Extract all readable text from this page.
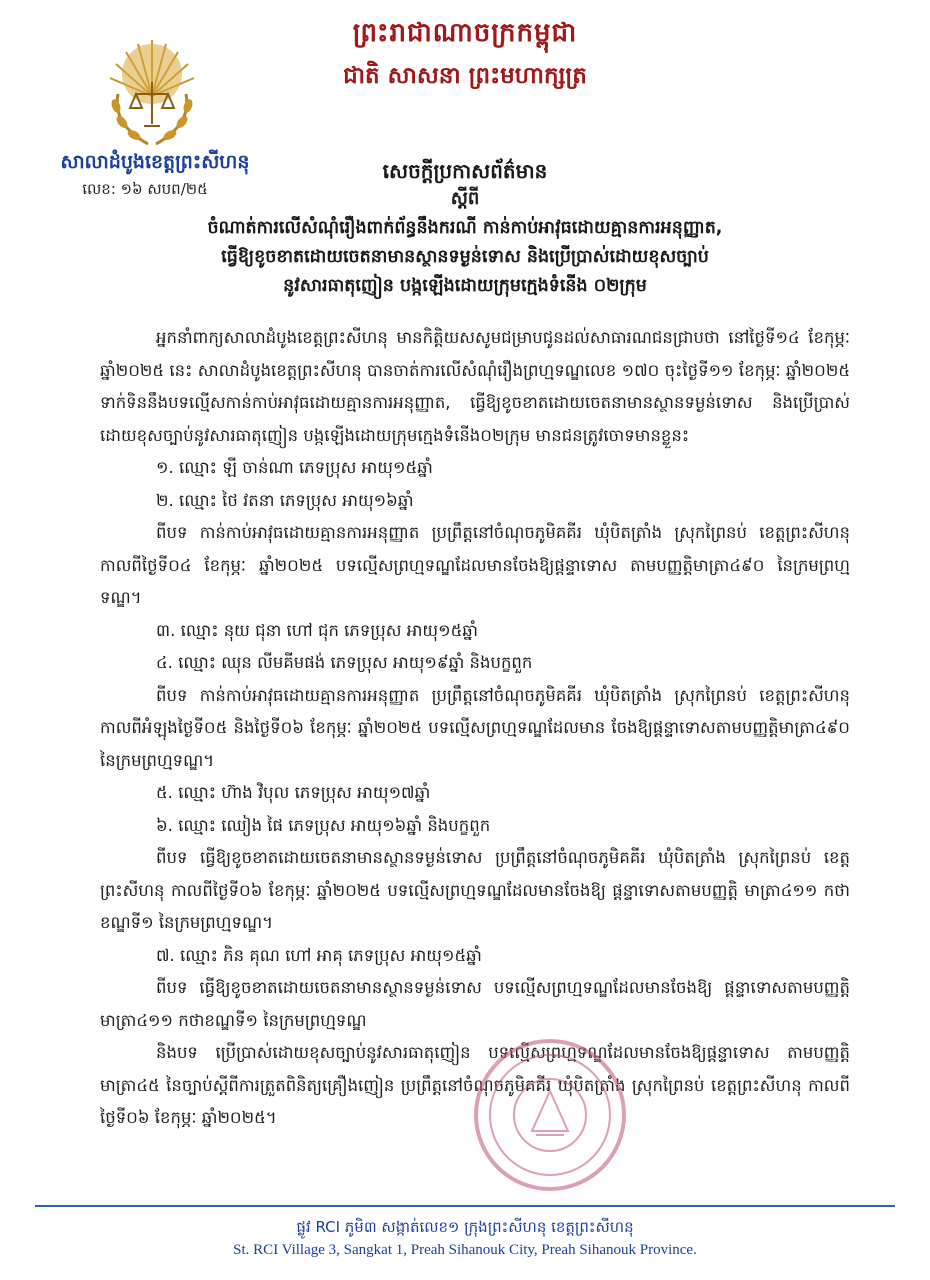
ព្រះរាជាណាចក្រកម្ពុជា
ជាតិ សាសនា ព្រះមហាក្សត្រ
សាលាដំបូងខេត្តព្រះសីហនុ
លេខ: ១៦ សបព/២៥
សេចក្តីប្រកាសព័ត៌មាន
ស្តីពី
ចំណាត់ការលើសំណុំរឿងពាក់ព័ន្ធនឹងករណី កាន់កាប់អាវុធដោយគ្មានការអនុញ្ញាត,
ធ្វើឱ្យខូចខាតដោយចេតនាមានស្ថានទម្ងន់ទោស និងប្រើប្រាស់ដោយខុសច្បាប់
នូវសារធាតុញៀន បង្កឡើងដោយក្រុមក្មេងទំនើង ០២ក្រុម

អ្នកនាំពាក្យសាលាដំបូងខេត្តព្រះសីហនុ មានកិត្តិយសសូមជម្រាបជូនដល់សាធារណជនជ្រាបថា នៅថ្ងៃទី១៤ ខែកុម្ភៈ ឆ្នាំ២០២៥ នេះ សាលាដំបូងខេត្តព្រះសីហនុ បានចាត់ការលើសំណុំរឿងព្រហ្មទណ្ឌលេខ ១៧០ ចុះថ្ងៃទី១១ ខែកុម្ភៈ ឆ្នាំ២០២៥ ទាក់ទិននឹងបទល្មើសកាន់កាប់អាវុធដោយគ្មានការអនុញ្ញាត, ធ្វើឱ្យខូចខាតដោយចេតនាមានស្ថានទម្ងន់ទោស និងប្រើប្រាស់ដោយខុសច្បាប់នូវសារធាតុញៀន បង្កឡើងដោយក្រុមក្មេងទំនើង០២ក្រុម មានជនត្រូវចោទមានខ្លួនះ

១. ឈ្មោះ ឡី ចាន់ណា ភេទប្រុស អាយុ១៥ឆ្នាំ

២. ឈ្មោះ ថៃ វតនា ភេទប្រុស អាយុ១៦ឆ្នាំ

ពីបទ កាន់កាប់អាវុធដោយគ្មានការអនុញ្ញាត ប្រព្រឹត្តនៅចំណុចភូមិគគីរ ឃុំបិតត្រាំង ស្រុកព្រៃនប់ ខេត្តព្រះសីហនុ កាលពីថ្ងៃទី០៤ ខែកុម្ភៈ ឆ្នាំ២០២៥ បទល្មើសព្រហ្មទណ្ឌដែលមានចែងឱ្យផ្តន្ទាទោស តាមបញ្ញត្តិមាត្រា៤៩០ នៃក្រមព្រហ្មទណ្ឌ។

៣. ឈ្មោះ នុយ ជុនា ហៅ ជុក ភេទប្រុស អាយុ១៥ឆ្នាំ

៤. ឈ្មោះ ឈុន លីមគីមផង់ ភេទប្រុស អាយុ១៩ឆ្នាំ និងបក្ខពួក

ពីបទ កាន់កាប់អាវុធដោយគ្មានការអនុញ្ញាត ប្រព្រឹត្តនៅចំណុចភូមិគគីរ ឃុំបិតត្រាំង ស្រុកព្រៃនប់ ខេត្តព្រះសីហនុ កាលពីអំឡុងថ្ងៃទី០៥ និងថ្ងៃទី០៦ ខែកុម្ភៈ ឆ្នាំ២០២៥ បទល្មើសព្រហ្មទណ្ឌដែលមាន ចែងឱ្យផ្តន្ទាទោសតាមបញ្ញត្តិមាត្រា៤៩០ នៃក្រមព្រហ្មទណ្ឌ។

៥. ឈ្មោះ ហ៊ាង វិបុល ភេទប្រុស អាយុ១៧ឆ្នាំ

៦. ឈ្មោះ ឈៀង ផៃ ភេទប្រុស អាយុ១៦ឆ្នាំ និងបក្ខពួក

ពីបទ ធ្វើឱ្យខូចខាតដោយចេតនាមានស្ថានទម្ងន់ទោស ប្រព្រឹត្តនៅចំណុចភូមិគគីរ ឃុំបិតត្រាំង ស្រុកព្រៃនប់ ខេត្តព្រះសីហនុ កាលពីថ្ងៃទី០៦ ខែកុម្ភៈ ឆ្នាំ២០២៥ បទល្មើសព្រហ្មទណ្ឌដែលមានចែងឱ្យ ផ្តន្ទាទោសតាមបញ្ញត្តិ មាត្រា៤១១ កថាខណ្ឌទី១ នៃក្រមព្រហ្មទណ្ឌ។

៧. ឈ្មោះ ភិន គុណ ហៅ អាគុ ភេទប្រុស អាយុ១៥ឆ្នាំ

ពីបទ ធ្វើឱ្យខូចខាតដោយចេតនាមានស្ថានទម្ងន់ទោស បទល្មើសព្រហ្មទណ្ឌដែលមានចែងឱ្យ ផ្តន្ទាទោសតាមបញ្ញត្តិមាត្រា៤១១ កថាខណ្ឌទី១ នៃក្រមព្រហ្មទណ្ឌ

និងបទ ប្រើប្រាស់ដោយខុសច្បាប់នូវសារធាតុញៀន បទល្មើសព្រហ្មទណ្ឌដែលមានចែងឱ្យផ្តន្ទាទោស តាមបញ្ញត្តិ មាត្រា៤៥ នៃច្បាប់ស្តីពីការត្រួតពិនិត្យគ្រឿងញៀន ប្រព្រឹត្តនៅចំណុចភូមិគគីរ ឃុំបិតត្រាំង ស្រុកព្រៃនប់ ខេត្តព្រះសីហនុ កាលពីថ្ងៃទី០៦ ខែកុម្ភៈ ឆ្នាំ២០២៥។

ផ្លូវ RCI ភូមិ៣ សង្កាត់លេខ១ ក្រុងព្រះសីហនុ ខេត្តព្រះសីហនុ
St. RCI Village 3, Sangkat 1, Preah Sihanouk City, Preah Sihanouk Province.
